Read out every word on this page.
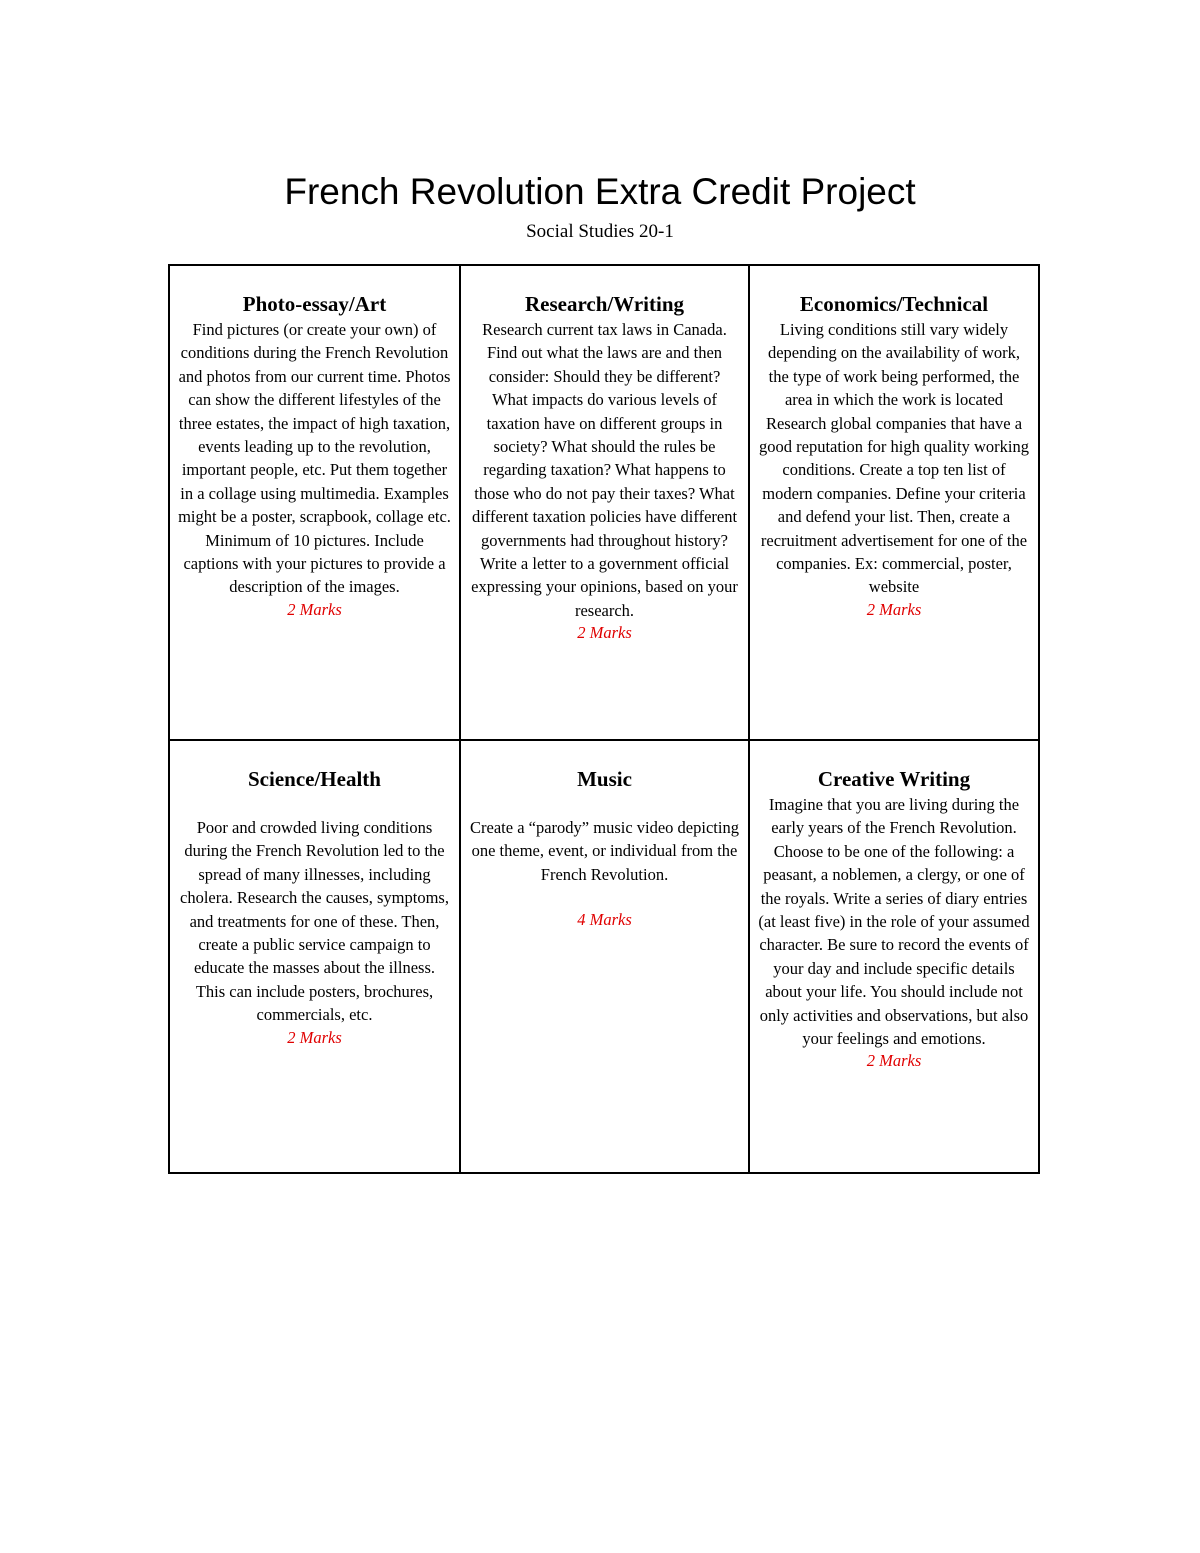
French Revolution Extra Credit Project

Social Studies 20-1

Photo-essay/Art

Find pictures (or create your own) of conditions during the French Revolution and photos from our current time. Photos can show the different lifestyles of the three estates, the impact of high taxation, events leading up to the revolution, important people, etc. Put them together in a collage using multimedia. Examples might be a poster, scrapbook, collage etc. Minimum of 10 pictures. Include captions with your pictures to provide a description of the images.

2 Marks

Research/Writing

Research current tax laws in Canada. Find out what the laws are and then consider: Should they be different? What impacts do various levels of taxation have on different groups in society? What should the rules be regarding taxation? What happens to those who do not pay their taxes? What different taxation policies have different governments had throughout history? Write a letter to a government official expressing your opinions, based on your research.

2 Marks

Economics/Technical

Living conditions still vary widely depending on the availability of work, the type of work being performed, the area in which the work is located Research global companies that have a good reputation for high quality working conditions. Create a top ten list of modern companies. Define your criteria and defend your list. Then, create a recruitment advertisement for one of the companies. Ex: commercial, poster, website

2 Marks

Science/Health

Poor and crowded living conditions during the French Revolution led to the spread of many illnesses, including cholera. Research the causes, symptoms, and treatments for one of these. Then, create a public service campaign to educate the masses about the illness. This can include posters, brochures, commercials, etc.

2 Marks

Music

Create a “parody” music video depicting one theme, event, or individual from the French Revolution.

4 Marks

Creative Writing

Imagine that you are living during the early years of the French Revolution. Choose to be one of the following: a peasant, a noblemen, a clergy, or one of the royals. Write a series of diary entries (at least five) in the role of your assumed character. Be sure to record the events of your day and include specific details about your life. You should include not only activities and observations, but also your feelings and emotions.

2 Marks
